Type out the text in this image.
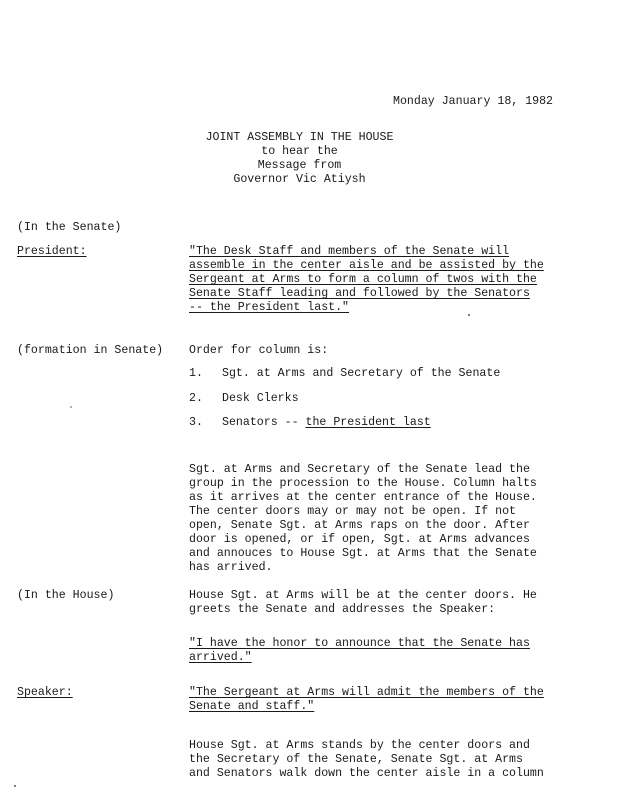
Monday January 18, 1982
JOINT ASSEMBLY IN THE HOUSE
to hear the
Message from
Governor Vic Atiysh
(In the Senate)
President:	"The Desk Staff and members of the Senate will
assemble in the center aisle and be assisted by the
Sergeant at Arms to form a column of twos with the
Senate Staff leading and followed by the Senators
-- the President last."
(formation in Senate) Order for column is:
1. Sgt. at Arms and Secretary of the Senate
2. Desk Clerks
3. Senators -- the President last
Sgt. at Arms and Secretary of the Senate lead the
group in the procession to the House. Column halts
as it arrives at the center entrance of the House.
The center doors may or may not be open. If not
open, Senate Sgt. at Arms raps on the door. After
door is opened, or if open, Sgt. at Arms advances
and annouces to House Sgt. at Arms that the Senate
has arrived.
(In the House)	House Sgt. at Arms will be at the center doors. He
greets the Senate and addresses the Speaker:
"I have the honor to announce that the Senate has
arrived."
Speaker:	"The Sergeant at Arms will admit the members of the
Senate and staff."
House Sgt. at Arms stands by the center doors and
the Secretary of the Senate, Senate Sgt. at Arms
and Senators walk down the center aisle in a column
